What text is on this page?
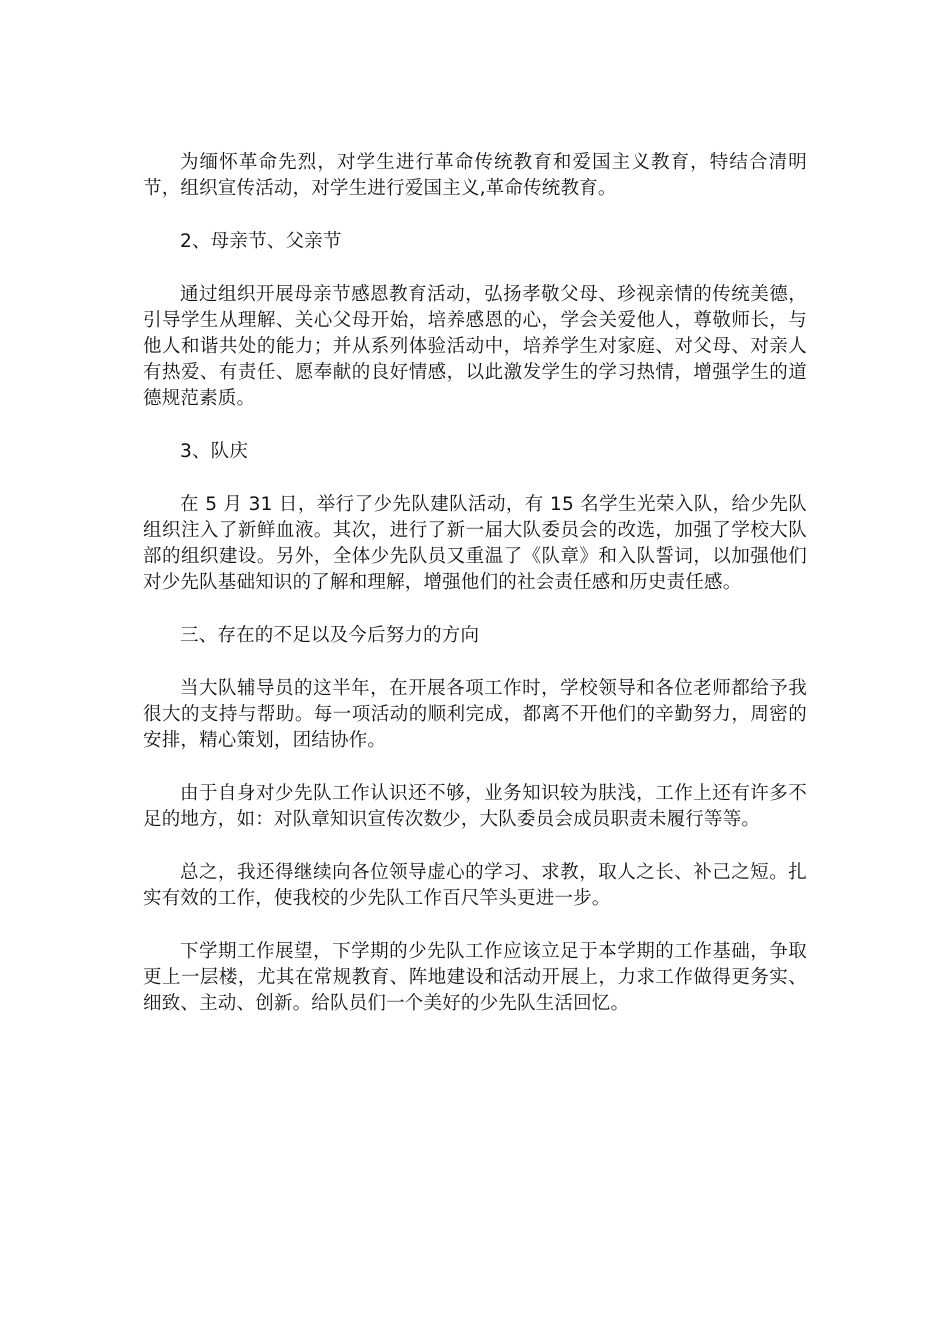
为缅怀革命先烈，对学生进行革命传统教育和爱国主义教育，特结合清明节，组织宣传活动，对学生进行爱国主义,革命传统教育。

2、母亲节、父亲节

通过组织开展母亲节感恩教育活动，弘扬孝敬父母、珍视亲情的传统美德，引导学生从理解、关心父母开始，培养感恩的心，学会关爱他人，尊敬师长，与他人和谐共处的能力；并从系列体验活动中，培养学生对家庭、对父母、对亲人有热爱、有责任、愿奉献的良好情感，以此激发学生的学习热情，增强学生的道德规范素质。

3、队庆

在 5 月 31 日，举行了少先队建队活动，有 15 名学生光荣入队，给少先队组织注入了新鲜血液。其次，进行了新一届大队委员会的改选，加强了学校大队部的组织建设。另外，全体少先队员又重温了《队章》和入队誓词，以加强他们对少先队基础知识的了解和理解，增强他们的社会责任感和历史责任感。

三、存在的不足以及今后努力的方向

当大队辅导员的这半年，在开展各项工作时，学校领导和各位老师都给予我很大的支持与帮助。每一项活动的顺利完成，都离不开他们的辛勤努力，周密的安排，精心策划，团结协作。

由于自身对少先队工作认识还不够，业务知识较为肤浅，工作上还有许多不足的地方，如：对队章知识宣传次数少，大队委员会成员职责未履行等等。

总之，我还得继续向各位领导虚心的学习、求教，取人之长、补己之短。扎实有效的工作，使我校的少先队工作百尺竿头更进一步。

下学期工作展望，下学期的少先队工作应该立足于本学期的工作基础，争取更上一层楼，尤其在常规教育、阵地建设和活动开展上，力求工作做得更务实、细致、主动、创新。给队员们一个美好的少先队生活回忆。
